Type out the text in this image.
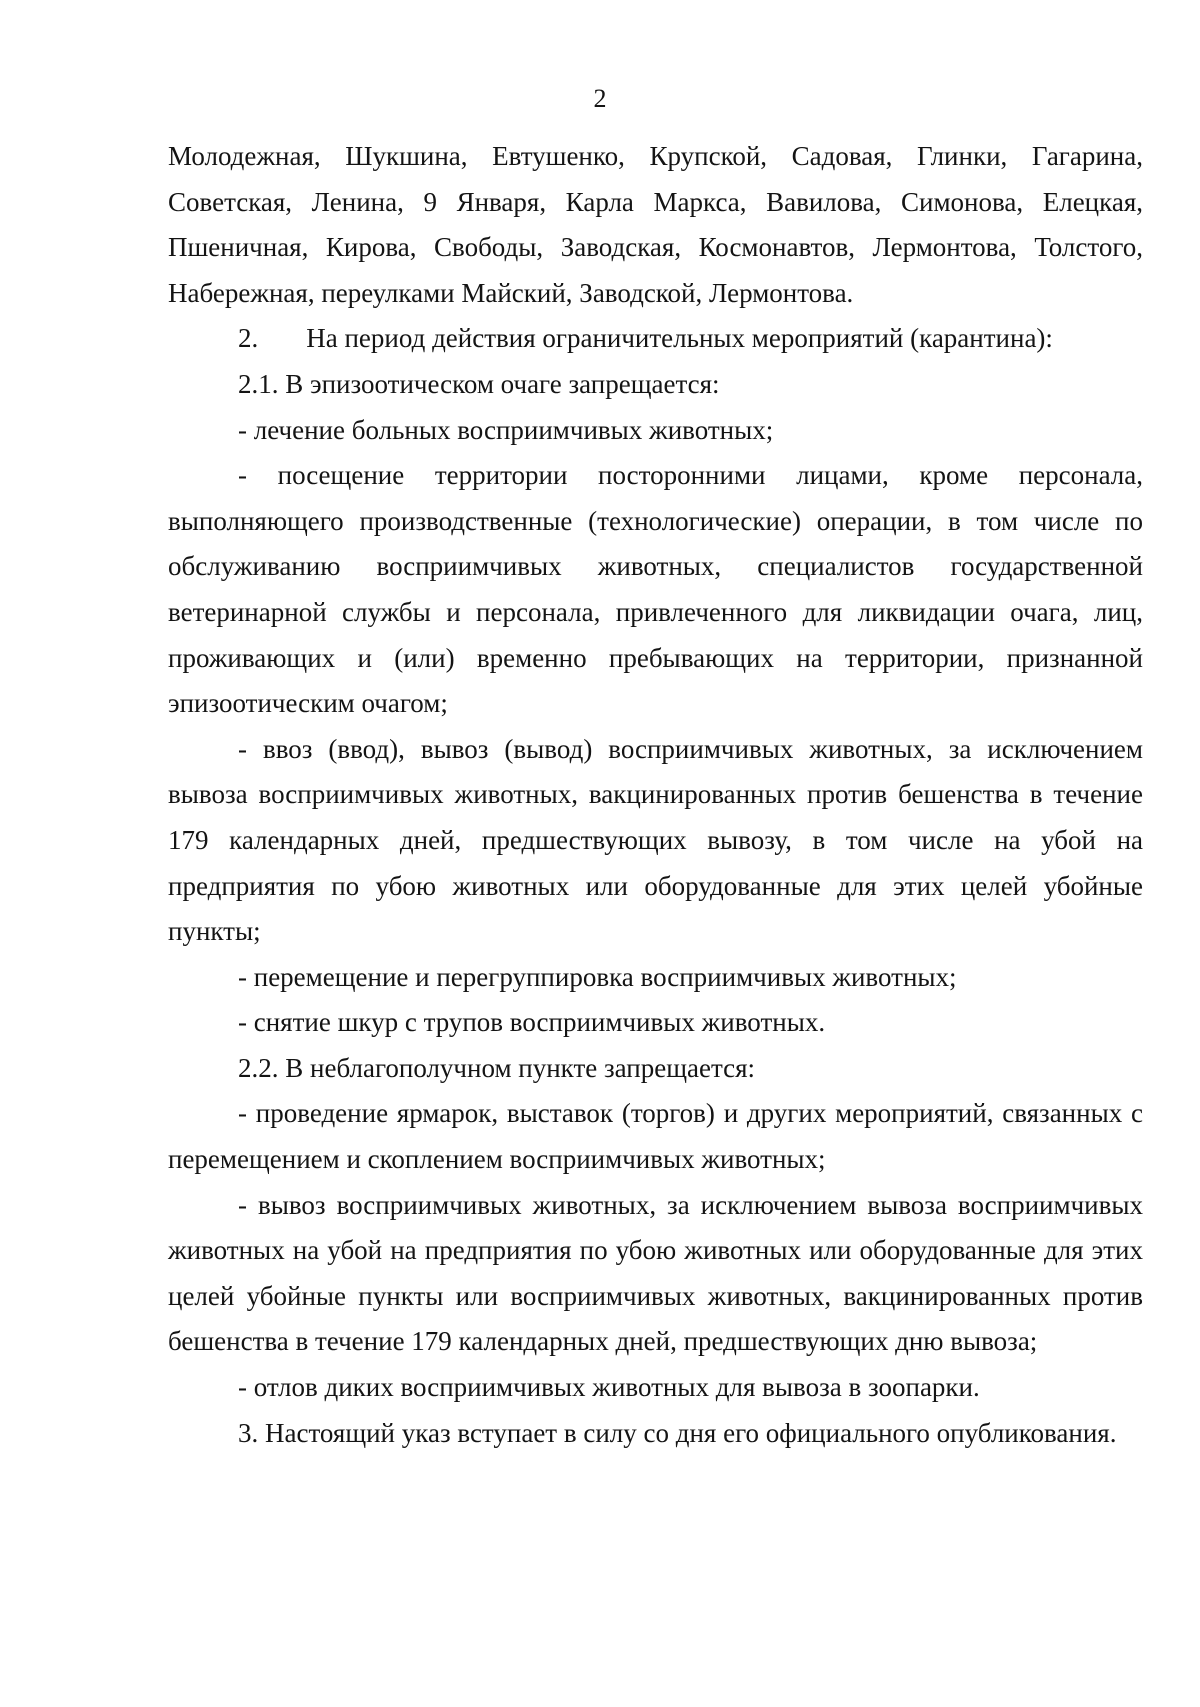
2

Молодежная, Шукшина, Евтушенко, Крупской, Садовая, Глинки, Гагарина, Советская, Ленина, 9 Января, Карла Маркса, Вавилова, Симонова, Елецкая, Пшеничная, Кирова, Свободы, Заводская, Космонавтов, Лермонтова, Толстого, Набережная, переулками Майский, Заводской, Лермонтова.

2. На период действия ограничительных мероприятий (карантина):

2.1. В эпизоотическом очаге запрещается:

- лечение больных восприимчивых животных;

- посещение территории посторонними лицами, кроме персонала, выполняющего производственные (технологические) операции, в том числе по обслуживанию восприимчивых животных, специалистов государственной ветеринарной службы и персонала, привлеченного для ликвидации очага, лиц, проживающих и (или) временно пребывающих на территории, признанной эпизоотическим очагом;

- ввоз (ввод), вывоз (вывод) восприимчивых животных, за исключением вывоза восприимчивых животных, вакцинированных против бешенства в течение 179 календарных дней, предшествующих вывозу, в том числе на убой на предприятия по убою животных или оборудованные для этих целей убойные пункты;

- перемещение и перегруппировка восприимчивых животных;

- снятие шкур с трупов восприимчивых животных.

2.2. В неблагополучном пункте запрещается:

- проведение ярмарок, выставок (торгов) и других мероприятий, связанных с перемещением и скоплением восприимчивых животных;

- вывоз восприимчивых животных, за исключением вывоза восприимчивых животных на убой на предприятия по убою животных или оборудованные для этих целей убойные пункты или восприимчивых животных, вакцинированных против бешенства в течение 179 календарных дней, предшествующих дню вывоза;

- отлов диких восприимчивых животных для вывоза в зоопарки.

3. Настоящий указ вступает в силу со дня его официального опубликования.
